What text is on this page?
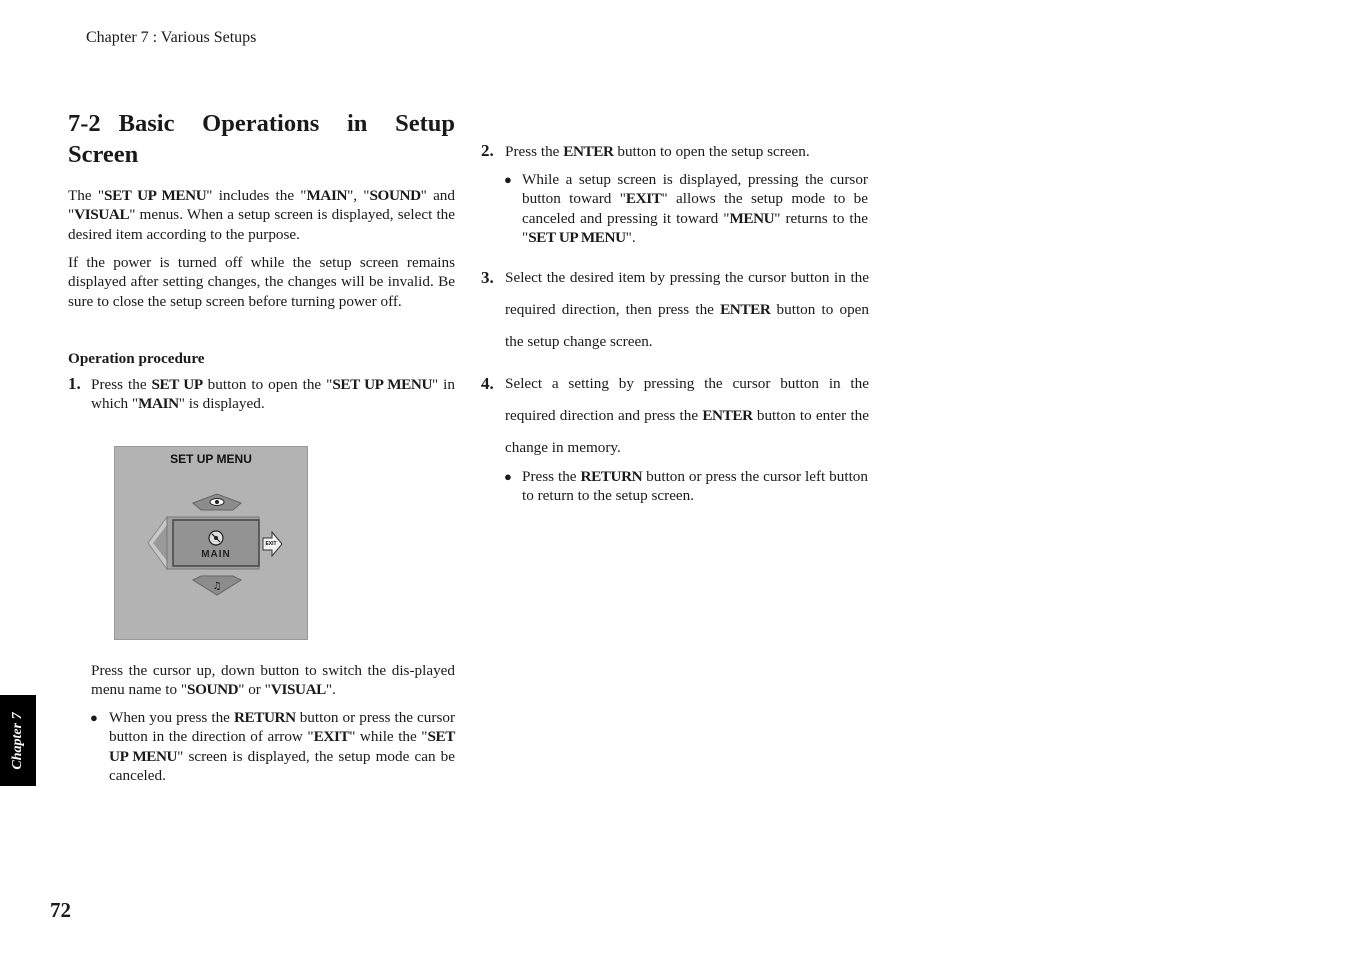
Chapter 7 : Various Setups
7-2 Basic Operations in Setup Screen

The "SET UP MENU" includes the "MAIN", "SOUND" and "VISUAL" menus. When a setup screen is displayed, select the desired item according to the purpose.

If the power is turned off while the setup screen remains displayed after setting changes, the changes will be invalid. Be sure to close the setup screen before turning power off.

Operation procedure
1. Press the SET UP button to open the "SET UP MENU" in which "MAIN" is displayed.

SET UP MENU
♫
MAIN
EXIT

Press the cursor up, down button to switch the dis-played menu name to "SOUND" or "VISUAL".

● When you press the RETURN button or press the cursor button in the direction of arrow "EXIT" while the "SET UP MENU" screen is displayed, the setup mode can be canceled.

2. Press the ENTER button to open the setup screen.

● While a setup screen is displayed, pressing the cursor button toward "EXIT" allows the setup mode to be canceled and pressing it toward "MENU" returns to the "SET UP MENU".

3. Select the desired item by pressing the cursor button in the required direction, then press the ENTER button to open the setup change screen.

4. Select a setting by pressing the cursor button in the required direction and press the ENTER button to enter the change in memory.

● Press the RETURN button or press the cursor left button to return to the setup screen.

Chapter 7
72
